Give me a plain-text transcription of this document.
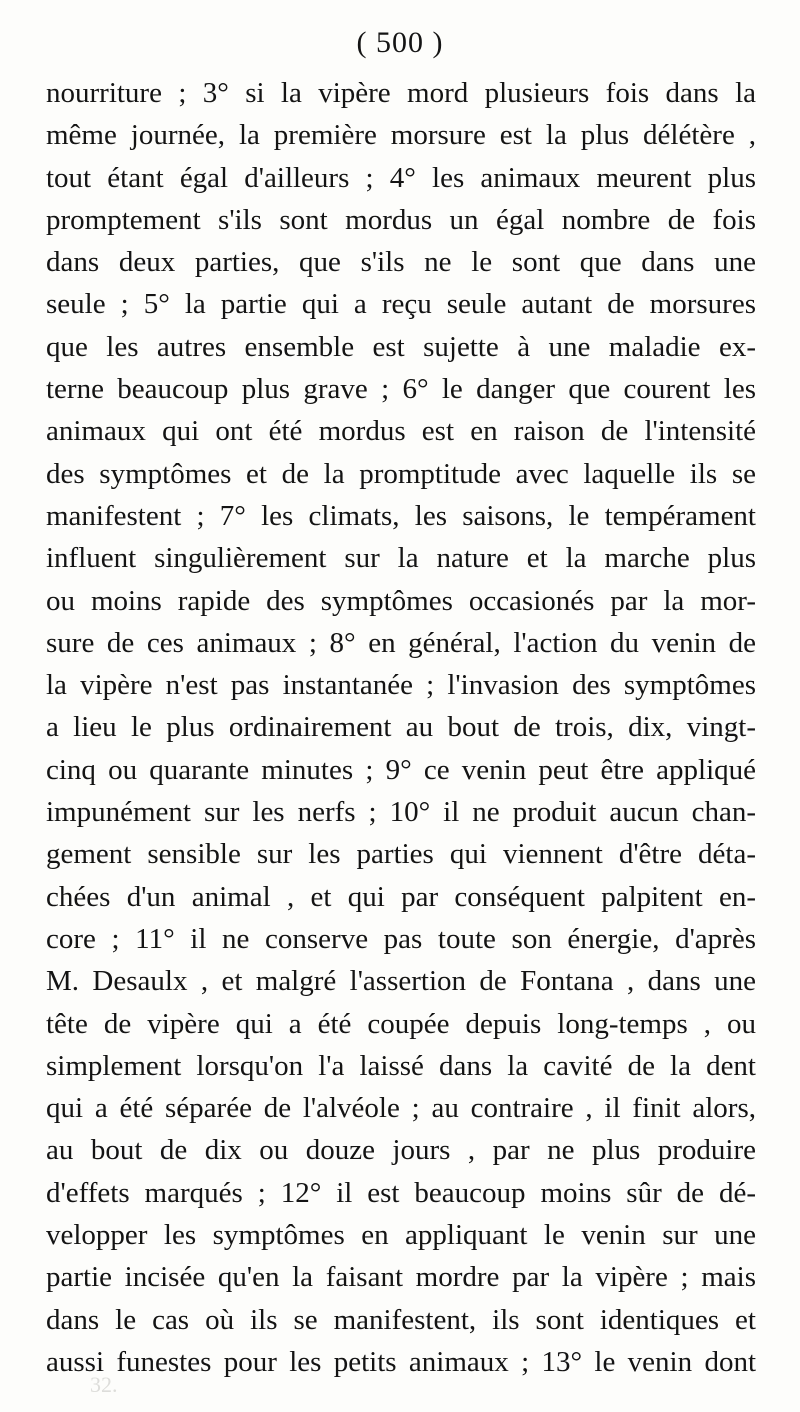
( 500 )
nourriture ; 3° si la vipère mord plusieurs fois dans la
même journée, la première morsure est la plus délétère ,
tout étant égal d'ailleurs ; 4° les animaux meurent plus
promptement s'ils sont mordus un égal nombre de fois
dans deux parties, que s'ils ne le sont que dans une
seule ; 5° la partie qui a reçu seule autant de morsures
que les autres ensemble est sujette à une maladie ex-
terne beaucoup plus grave ; 6° le danger que courent les
animaux qui ont été mordus est en raison de l'intensité
des symptômes et de la promptitude avec laquelle ils se
manifestent ; 7° les climats, les saisons, le tempérament
influent singulièrement sur la nature et la marche plus
ou moins rapide des symptômes occasionés par la mor-
sure de ces animaux ; 8° en général, l'action du venin de
la vipère n'est pas instantanée ; l'invasion des symptômes
a lieu le plus ordinairement au bout de trois, dix, vingt-
cinq ou quarante minutes ; 9° ce venin peut être appliqué
impunément sur les nerfs ; 10° il ne produit aucun chan-
gement sensible sur les parties qui viennent d'être déta-
chées d'un animal , et qui par conséquent palpitent en-
core ; 11° il ne conserve pas toute son énergie, d'après
M. Desaulx , et malgré l'assertion de Fontana , dans une
tête de vipère qui a été coupée depuis long-temps , ou
simplement lorsqu'on l'a laissé dans la cavité de la dent
qui a été séparée de l'alvéole ; au contraire , il finit alors,
au bout de dix ou douze jours , par ne plus produire
d'effets marqués ; 12° il est beaucoup moins sûr de dé-
velopper les symptômes en appliquant le venin sur une
partie incisée qu'en la faisant mordre par la vipère ; mais
dans le cas où ils se manifestent, ils sont identiques et
aussi funestes pour les petits animaux ; 13° le venin dont
32.
